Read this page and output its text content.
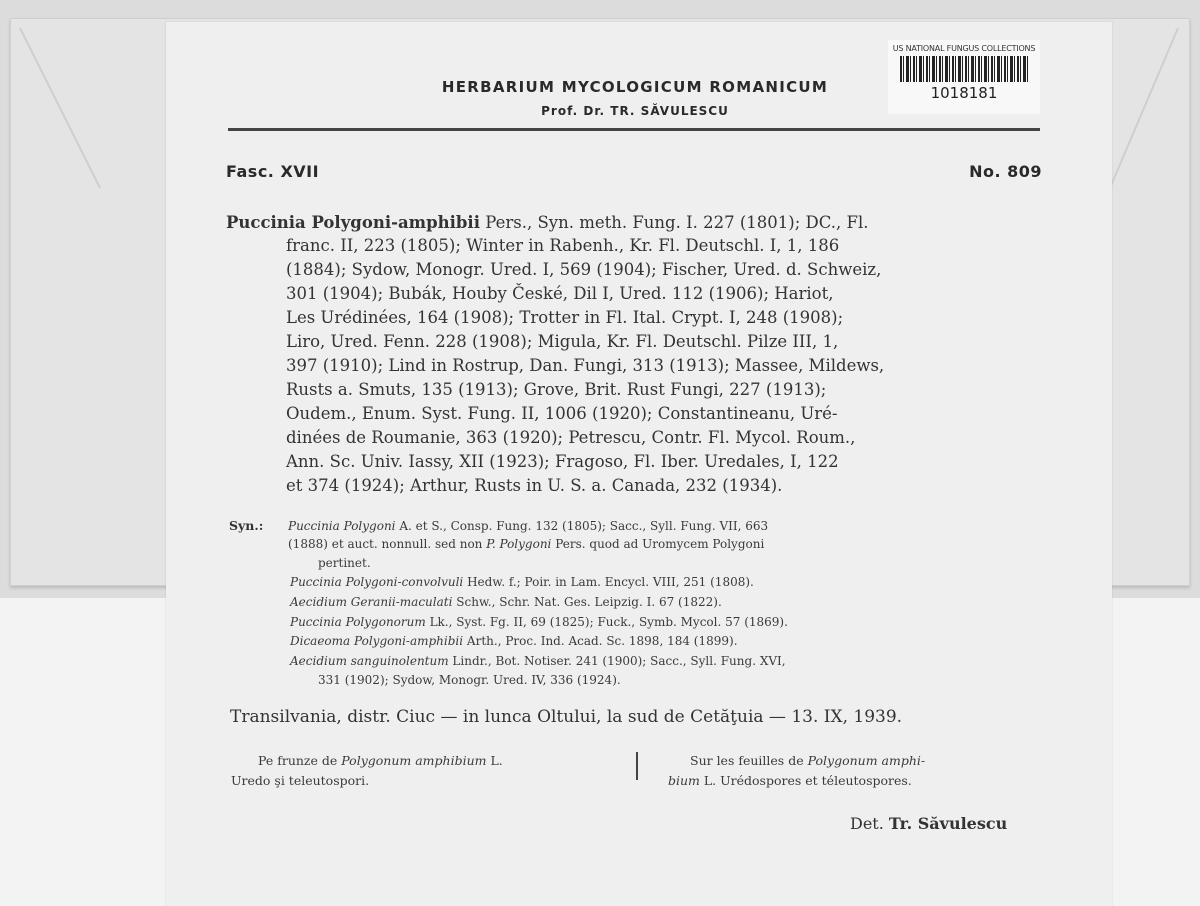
US NATIONAL FUNGUS COLLECTIONS
1018181
HERBARIUM MYCOLOGICUM ROMANICUM
Prof. Dr. TR. SĂVULESCU
Fasc. XVII	No. 809
Puccinia Polygoni-amphibii Pers., Syn. meth. Fung. I. 227 (1801); DC., Fl.
franc. II, 223 (1805); Winter in Rabenh., Kr. Fl. Deutschl. I, 1, 186
(1884); Sydow, Monogr. Ured. I, 569 (1904); Fischer, Ured. d. Schweiz,
301 (1904); Bubák, Houby České, Dil I, Ured. 112 (1906); Hariot,
Les Urédinées, 164 (1908); Trotter in Fl. Ital. Crypt. I, 248 (1908);
Liro, Ured. Fenn. 228 (1908); Migula, Kr. Fl. Deutschl. Pilze III, 1,
397 (1910); Lind in Rostrup, Dan. Fungi, 313 (1913); Massee, Mildews,
Rusts a. Smuts, 135 (1913); Grove, Brit. Rust Fungi, 227 (1913);
Oudem., Enum. Syst. Fung. II, 1006 (1920); Constantineanu, Uré-
dinées de Roumanie, 363 (1920); Petrescu, Contr. Fl. Mycol. Roum.,
Ann. Sc. Univ. Iassy, XII (1923); Fragoso, Fl. Iber. Uredales, I, 122
et 374 (1924); Arthur, Rusts in U. S. a. Canada, 232 (1934).
Syn.: Puccinia Polygoni A. et S., Consp. Fung. 132 (1805); Sacc., Syll. Fung. VII, 663
(1888) et auct. nonnull. sed non P. Polygoni Pers. quod ad Uromycem Polygoni
pertinet.
Puccinia Polygoni-convolvuli Hedw. f.; Poir. in Lam. Encycl. VIII, 251 (1808).
Aecidium Geranii-maculati Schw., Schr. Nat. Ges. Leipzig. I. 67 (1822).
Puccinia Polygonorum Lk., Syst. Fg. II, 69 (1825); Fuck., Symb. Mycol. 57 (1869).
Dicaeoma Polygoni-amphibii Arth., Proc. Ind. Acad. Sc. 1898, 184 (1899).
Aecidium sanguinolentum Lindr., Bot. Notiser. 241 (1900); Sacc., Syll. Fung. XVI,
331 (1902); Sydow, Monogr. Ured. IV, 336 (1924).
Transilvania, distr. Ciuc — in lunca Oltului, la sud de Cetăţuia — 13. IX, 1939.
Pe frunze de Polygonum amphibium L.
Uredo şi teleutospori.
Sur les feuilles de Polygonum amphi-
bium L. Urédospores et téleutospores.
Det. Tr. Săvulescu
